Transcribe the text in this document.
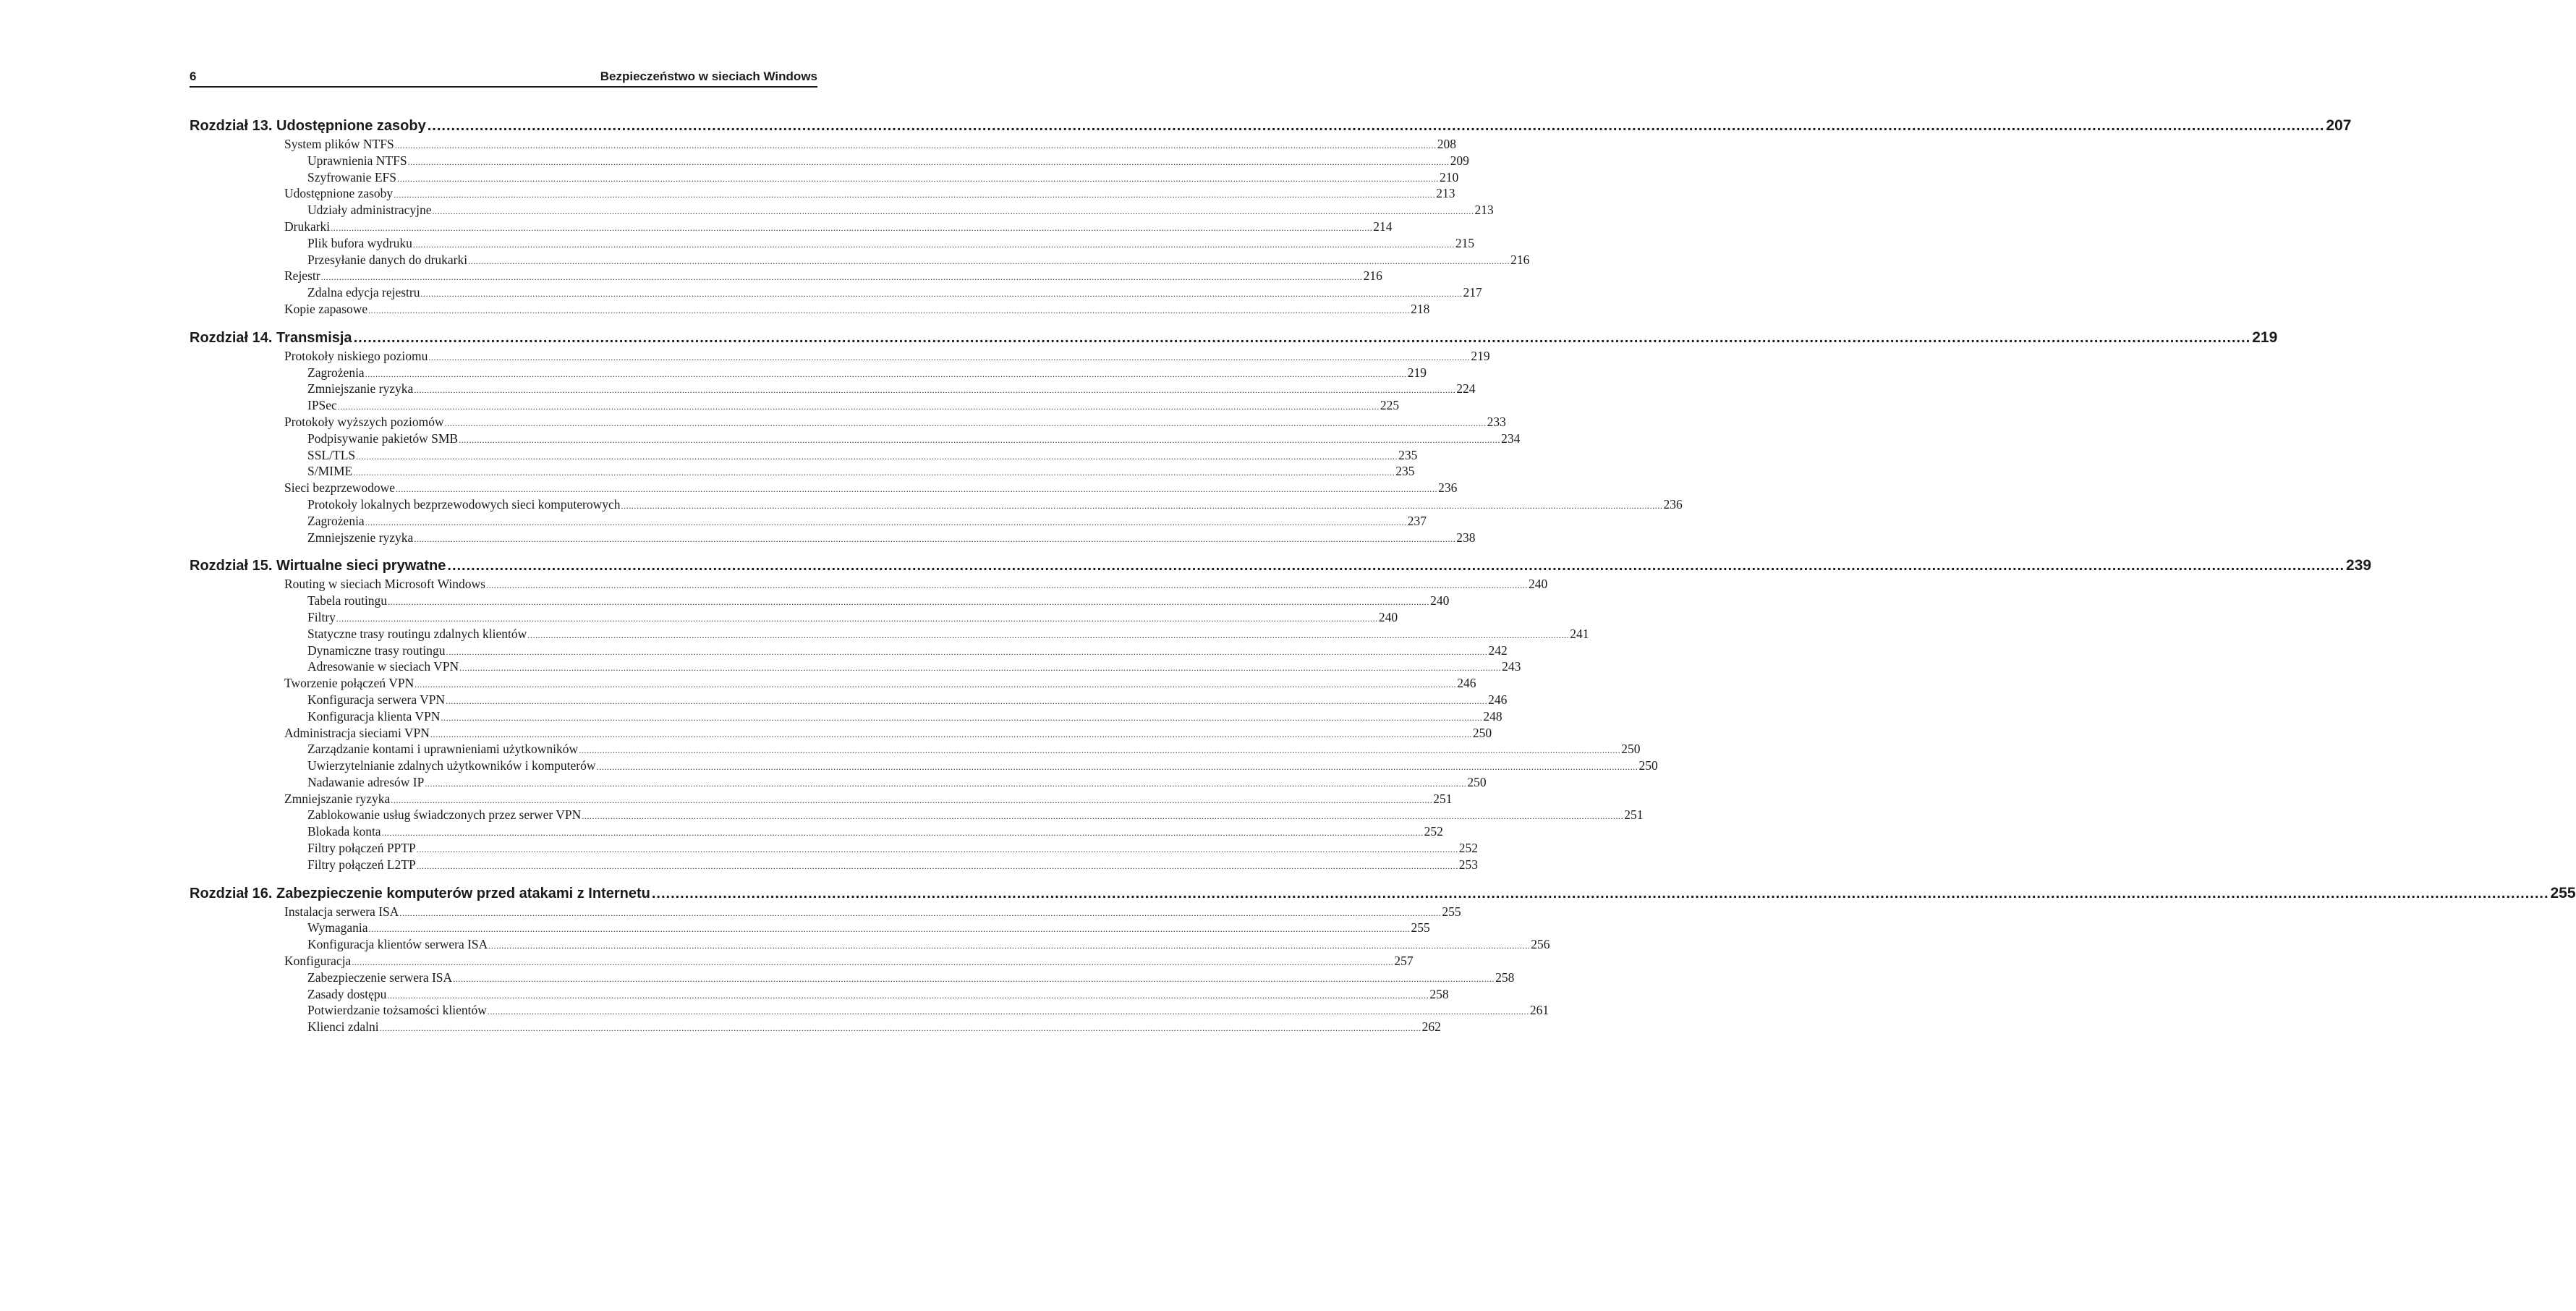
6	Bezpieczeństwo w sieciach Windows
Rozdział 13.
Udostępnione zasoby ................................................................................................................................................................................................................................................................................................................................................................................................................ 207
System plików NTFS ................................................................................................................................................................................................................................................................................................................................................................................................................ 208
Uprawnienia NTFS ................................................................................................................................................................................................................................................................................................................................................................................................................ 209
Szyfrowanie EFS ................................................................................................................................................................................................................................................................................................................................................................................................................ 210
Udostępnione zasoby ................................................................................................................................................................................................................................................................................................................................................................................................................ 213
Udziały administracyjne ................................................................................................................................................................................................................................................................................................................................................................................................................ 213
Drukarki ................................................................................................................................................................................................................................................................................................................................................................................................................ 214
Plik bufora wydruku ................................................................................................................................................................................................................................................................................................................................................................................................................ 215
Przesyłanie danych do drukarki ................................................................................................................................................................................................................................................................................................................................................................................................................ 216
Rejestr ................................................................................................................................................................................................................................................................................................................................................................................................................ 216
Zdalna edycja rejestru ................................................................................................................................................................................................................................................................................................................................................................................................................ 217
Kopie zapasowe ................................................................................................................................................................................................................................................................................................................................................................................................................ 218
Rozdział 14.
Transmisja ................................................................................................................................................................................................................................................................................................................................................................................................................ 219
Protokoły niskiego poziomu ................................................................................................................................................................................................................................................................................................................................................................................................................ 219
Zagrożenia ................................................................................................................................................................................................................................................................................................................................................................................................................ 219
Zmniejszanie ryzyka ................................................................................................................................................................................................................................................................................................................................................................................................................ 224
IPSec ................................................................................................................................................................................................................................................................................................................................................................................................................ 225
Protokoły wyższych poziomów ................................................................................................................................................................................................................................................................................................................................................................................................................ 233
Podpisywanie pakietów SMB ................................................................................................................................................................................................................................................................................................................................................................................................................ 234
SSL/TLS ................................................................................................................................................................................................................................................................................................................................................................................................................ 235
S/MIME ................................................................................................................................................................................................................................................................................................................................................................................................................ 235
Sieci bezprzewodowe ................................................................................................................................................................................................................................................................................................................................................................................................................ 236
Protokoły lokalnych bezprzewodowych sieci komputerowych ................................................................................................................................................................................................................................................................................................................................................................................................................ 236
Zagrożenia ................................................................................................................................................................................................................................................................................................................................................................................................................ 237
Zmniejszenie ryzyka ................................................................................................................................................................................................................................................................................................................................................................................................................ 238
Rozdział 15.
Wirtualne sieci prywatne ................................................................................................................................................................................................................................................................................................................................................................................................................ 239
Routing w sieciach Microsoft Windows ................................................................................................................................................................................................................................................................................................................................................................................................................ 240
Tabela routingu ................................................................................................................................................................................................................................................................................................................................................................................................................ 240
Filtry ................................................................................................................................................................................................................................................................................................................................................................................................................ 240
Statyczne trasy routingu zdalnych klientów ................................................................................................................................................................................................................................................................................................................................................................................................................ 241
Dynamiczne trasy routingu ................................................................................................................................................................................................................................................................................................................................................................................................................ 242
Adresowanie w sieciach VPN ................................................................................................................................................................................................................................................................................................................................................................................................................ 243
Tworzenie połączeń VPN ................................................................................................................................................................................................................................................................................................................................................................................................................ 246
Konfiguracja serwera VPN ................................................................................................................................................................................................................................................................................................................................................................................................................ 246
Konfiguracja klienta VPN ................................................................................................................................................................................................................................................................................................................................................................................................................ 248
Administracja sieciami VPN ................................................................................................................................................................................................................................................................................................................................................................................................................ 250
Zarządzanie kontami i uprawnieniami użytkowników ................................................................................................................................................................................................................................................................................................................................................................................................................ 250
Uwierzytelnianie zdalnych użytkowników i komputerów ................................................................................................................................................................................................................................................................................................................................................................................................................ 250
Nadawanie adresów IP ................................................................................................................................................................................................................................................................................................................................................................................................................ 250
Zmniejszanie ryzyka ................................................................................................................................................................................................................................................................................................................................................................................................................ 251
Zablokowanie usług świadczonych przez serwer VPN ................................................................................................................................................................................................................................................................................................................................................................................................................ 251
Blokada konta ................................................................................................................................................................................................................................................................................................................................................................................................................ 252
Filtry połączeń PPTP ................................................................................................................................................................................................................................................................................................................................................................................................................ 252
Filtry połączeń L2TP ................................................................................................................................................................................................................................................................................................................................................................................................................ 253
Rozdział 16.
Zabezpieczenie komputerów przed atakami z Internetu ................................................................................................................................................................................................................................................................................................................................................................................................................ 255
Instalacja serwera ISA ................................................................................................................................................................................................................................................................................................................................................................................................................ 255
Wymagania ................................................................................................................................................................................................................................................................................................................................................................................................................ 255
Konfiguracja klientów serwera ISA ................................................................................................................................................................................................................................................................................................................................................................................................................ 256
Konfiguracja ................................................................................................................................................................................................................................................................................................................................................................................................................ 257
Zabezpieczenie serwera ISA ................................................................................................................................................................................................................................................................................................................................................................................................................ 258
Zasady dostępu ................................................................................................................................................................................................................................................................................................................................................................................................................ 258
Potwierdzanie tożsamości klientów ................................................................................................................................................................................................................................................................................................................................................................................................................ 261
Klienci zdalni ................................................................................................................................................................................................................................................................................................................................................................................................................ 262
